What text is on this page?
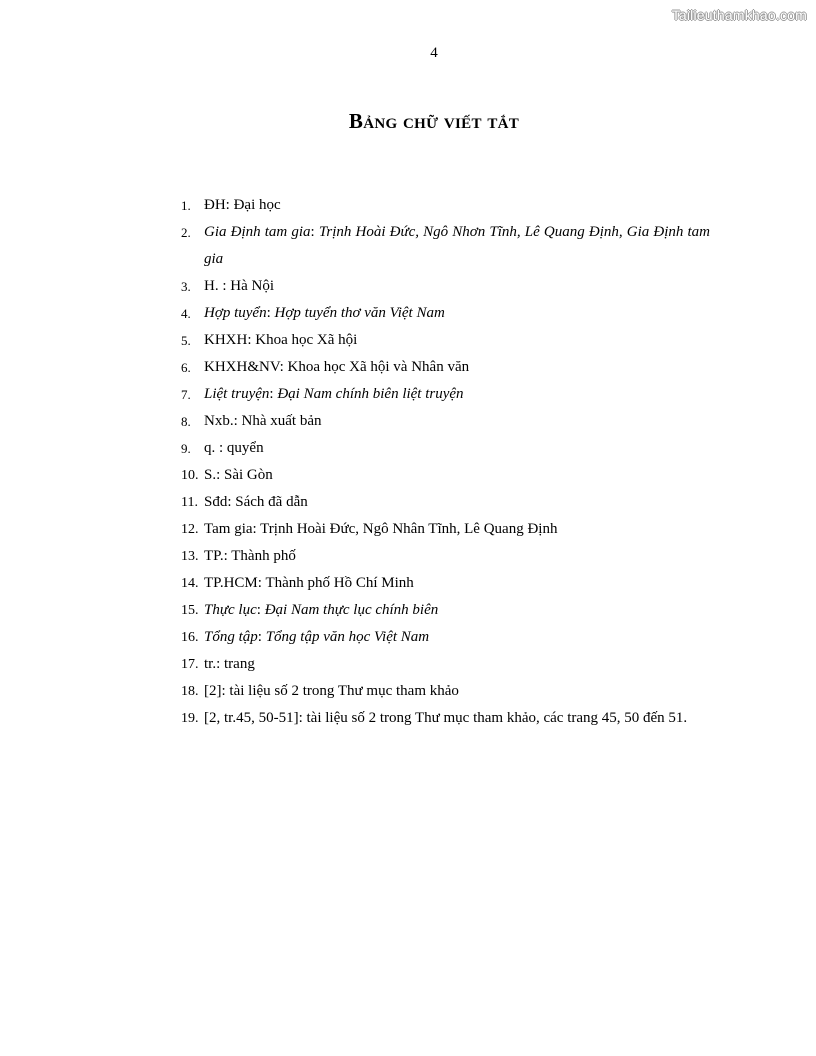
Tailieuthamkhao.com
4
Bảng chữ viết tắt
1. ĐH: Đại học
2. Gia Định tam gia: Trịnh Hoài Đức, Ngô Nhơn Tĩnh, Lê Quang Định, Gia Định tam gia
3. H. : Hà Nội
4. Hợp tuyển: Hợp tuyển thơ văn Việt Nam
5. KHXH: Khoa học Xã hội
6. KHXH&NV: Khoa học Xã hội và Nhân văn
7. Liệt truyện: Đại Nam chính biên liệt truyện
8. Nxb.: Nhà xuất bản
9. q. : quyển
10. S.: Sài Gòn
11. Sđd: Sách đã dẫn
12. Tam gia: Trịnh Hoài Đức, Ngô Nhân Tĩnh, Lê Quang Định
13. TP.: Thành phố
14. TP.HCM: Thành phố Hồ Chí Minh
15. Thực lục: Đại Nam thực lục chính biên
16. Tổng tập: Tổng tập văn học Việt Nam
17. tr.: trang
18. [2]: tài liệu số 2 trong Thư mục tham khảo
19. [2, tr.45, 50-51]: tài liệu số 2 trong Thư mục tham khảo, các trang 45, 50 đến 51.
